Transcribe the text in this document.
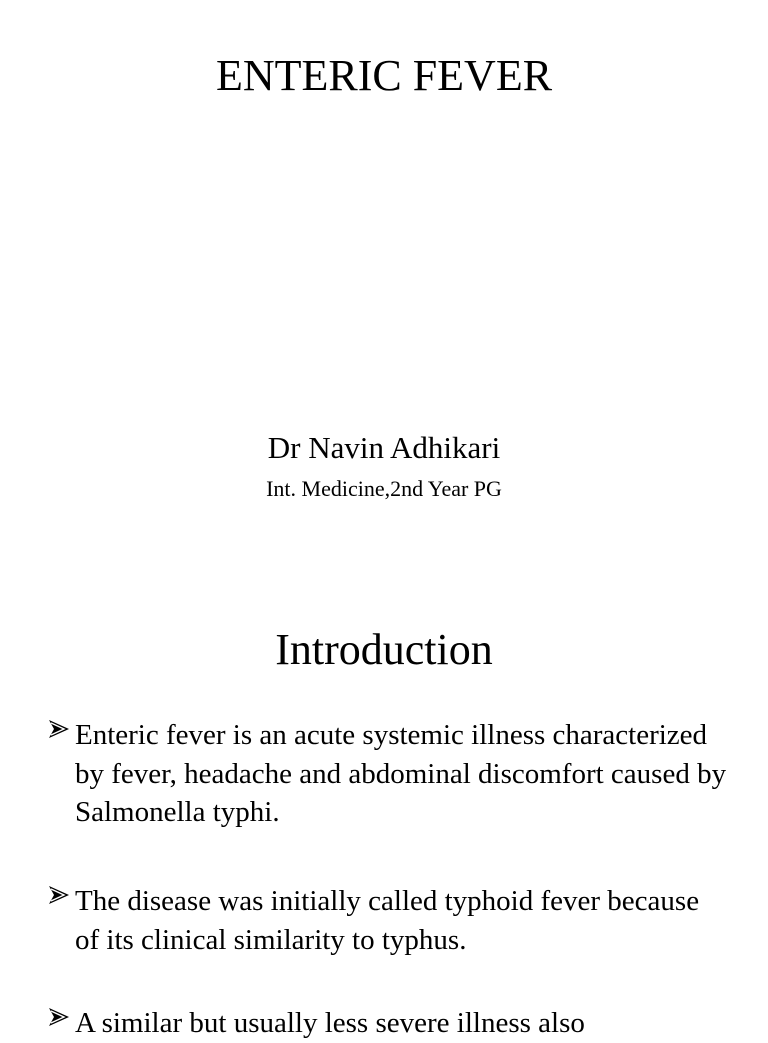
ENTERIC FEVER

Dr Navin Adhikari

Int. Medicine,2nd Year PG

Introduction
Enteric fever is an acute systemic illness characterized by fever, headache and abdominal discomfort caused by Salmonella typhi.
The disease was initially called typhoid fever because of its clinical similarity to typhus.
A similar but usually less severe illness also
